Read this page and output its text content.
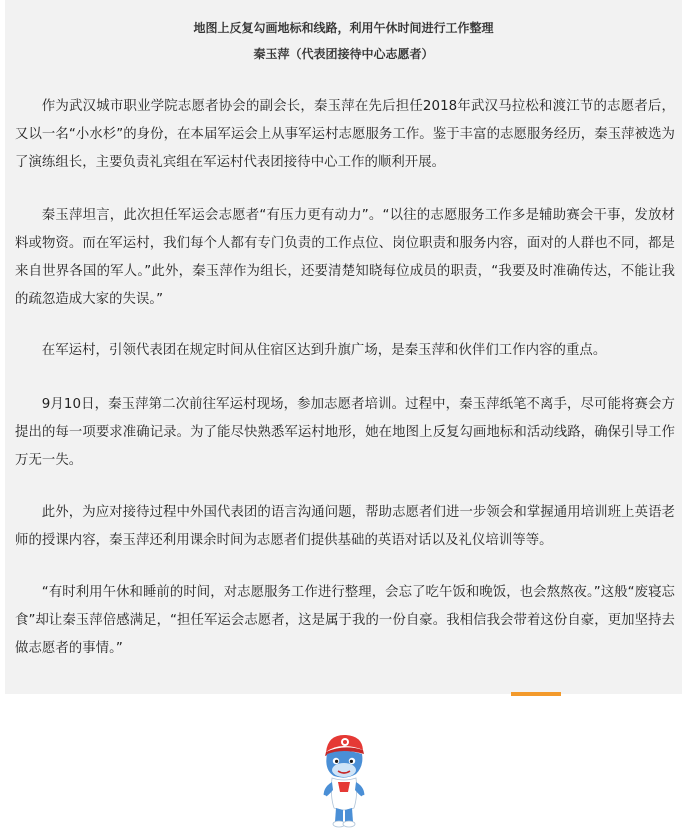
地图上反复勾画地标和线路，利用午休时间进行工作整理
秦玉萍（代表团接待中心志愿者）

作为武汉城市职业学院志愿者协会的副会长，秦玉萍在先后担任2018年武汉马拉松和渡江节的志愿者后，又以一名“小水杉”的身份，在本届军运会上从事军运村志愿服务工作。鉴于丰富的志愿服务经历，秦玉萍被选为了演练组长，主要负责礼宾组在军运村代表团接待中心工作的顺利开展。

秦玉萍坦言，此次担任军运会志愿者“有压力更有动力”。“以往的志愿服务工作多是辅助赛会干事，发放材料或物资。而在军运村，我们每个人都有专门负责的工作点位、岗位职责和服务内容，面对的人群也不同，都是来自世界各国的军人。”此外，秦玉萍作为组长，还要清楚知晓每位成员的职责，“我要及时准确传达，不能让我的疏忽造成大家的失误。”

在军运村，引领代表团在规定时间从住宿区达到升旗广场，是秦玉萍和伙伴们工作内容的重点。

9月10日，秦玉萍第二次前往军运村现场，参加志愿者培训。过程中，秦玉萍纸笔不离手，尽可能将赛会方提出的每一项要求准确记录。为了能尽快熟悉军运村地形，她在地图上反复勾画地标和活动线路，确保引导工作万无一失。

此外，为应对接待过程中外国代表团的语言沟通问题，帮助志愿者们进一步领会和掌握通用培训班上英语老师的授课内容，秦玉萍还利用课余时间为志愿者们提供基础的英语对话以及礼仪培训等等。

“有时利用午休和睡前的时间，对志愿服务工作进行整理，会忘了吃午饭和晚饭，也会熬熬夜。”这般“废寝忘食”却让秦玉萍倍感满足，“担任军运会志愿者，这是属于我的一份自豪。我相信我会带着这份自豪，更加坚持去做志愿者的事情。”
